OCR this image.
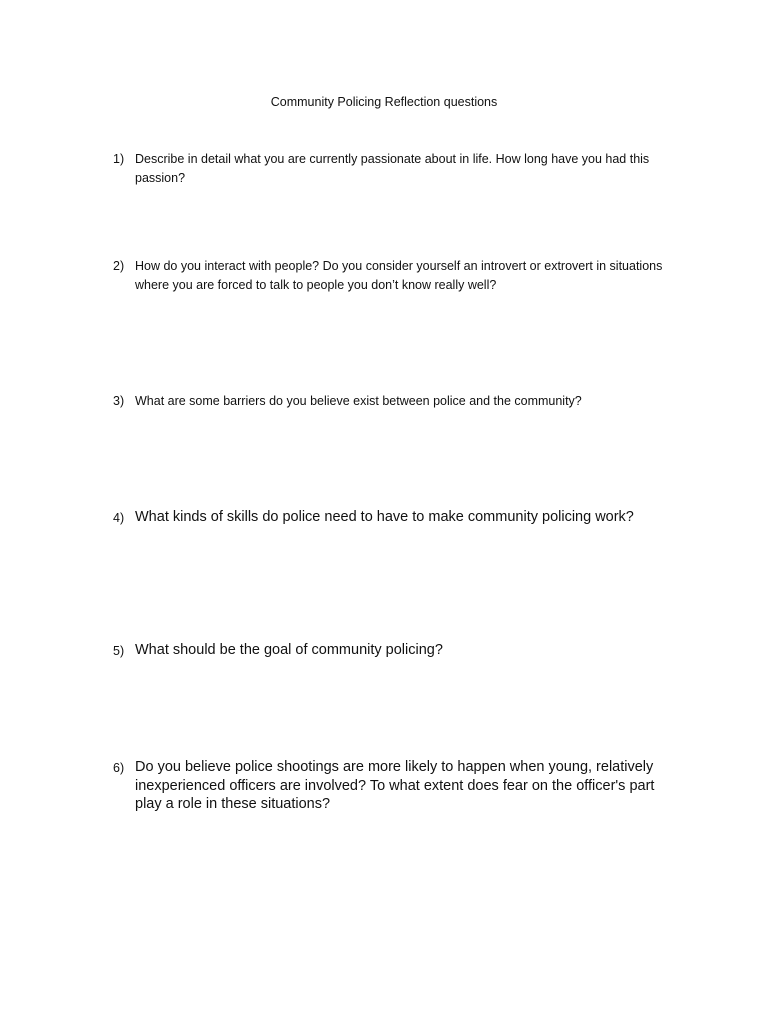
Community Policing Reflection questions
1) Describe in detail what you are currently passionate about in life. How long have you had this passion?
2) How do you interact with people? Do you consider yourself an introvert or extrovert in situations where you are forced to talk to people you don’t know really well?
3) What are some barriers do you believe exist between police and the community?
4) What kinds of skills do police need to have to make community policing work?
5) What should be the goal of community policing?
6) Do you believe police shootings are more likely to happen when young, relatively inexperienced officers are involved? To what extent does fear on the officer's part play a role in these situations?
